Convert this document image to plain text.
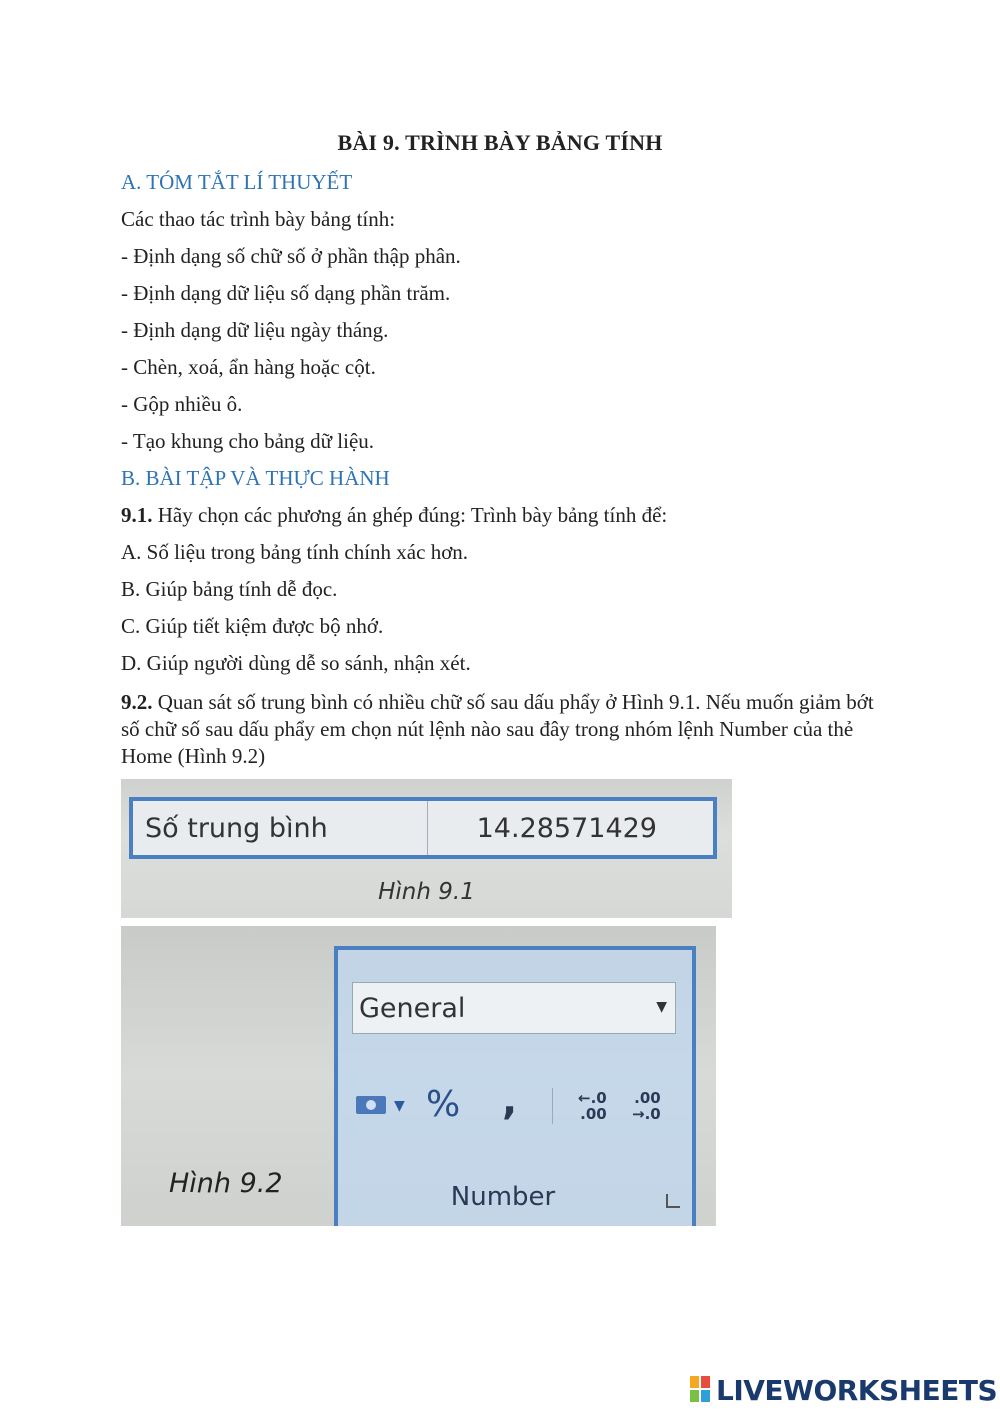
BÀI 9. TRÌNH BÀY BẢNG TÍNH
A. TÓM TẮT LÍ THUYẾT
Các thao tác trình bày bảng tính:
- Định dạng số chữ số ở phần thập phân.
- Định dạng dữ liệu số dạng phần trăm.
- Định dạng dữ liệu ngày tháng.
- Chèn, xoá, ẩn hàng hoặc cột.
- Gộp nhiều ô.
- Tạo khung cho bảng dữ liệu.
B. BÀI TẬP VÀ THỰC HÀNH
9.1. Hãy chọn các phương án ghép đúng: Trình bày bảng tính để:
A. Số liệu trong bảng tính chính xác hơn.
B. Giúp bảng tính dễ đọc.
C. Giúp tiết kiệm được bộ nhớ.
D. Giúp người dùng dễ so sánh, nhận xét.
9.2. Quan sát số trung bình có nhiều chữ số sau dấu phẩy ở Hình 9.1. Nếu muốn giảm bớt số chữ số sau dấu phẩy em chọn nút lệnh nào sau đây trong nhóm lệnh Number của thẻ Home (Hình 9.2)
Số trung bình	14.28571429
Hình 9.1
General	▼
▼ % ,	←.0
.00
.00
→.0
Number
Hình 9.2
LIVEWORKSHEETS
